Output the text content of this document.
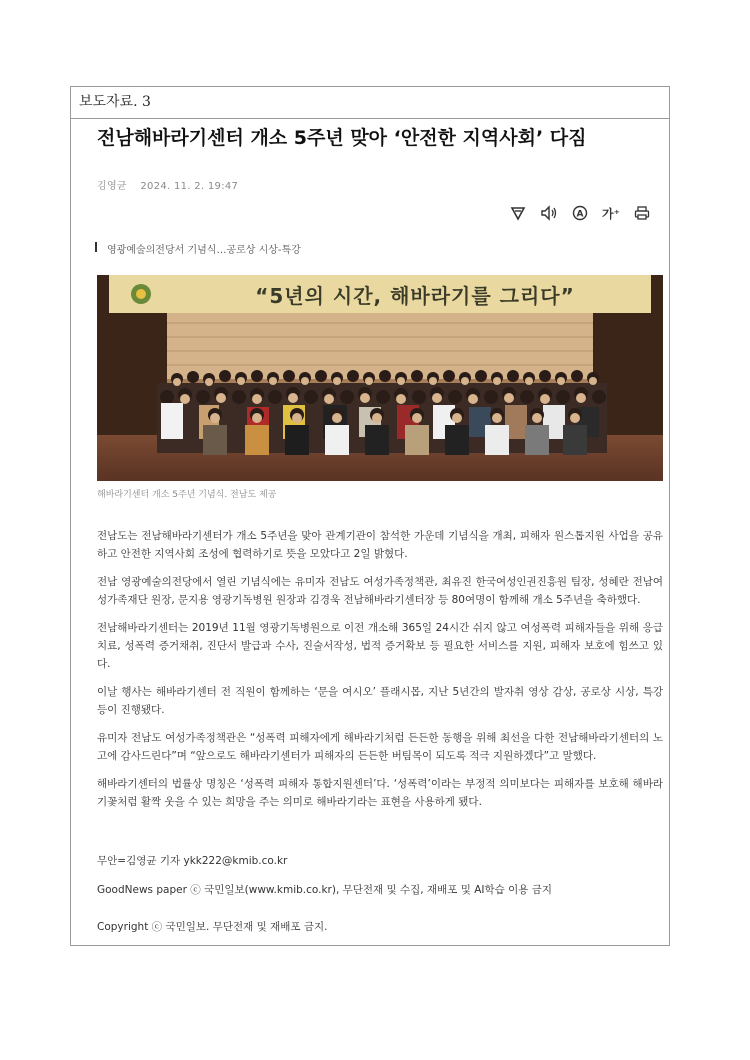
보도자료. 3
전남해바라기센터 개소 5주년 맞아 ‘안전한 지역사회’ 다짐
김영균 2024. 11. 2. 19:47
A 가⁺
영광예술의전당서 기념식…공로상 시상-특강
“5년의 시간, 해바라기를 그리다”
해바라기센터 개소 5주년 기념식. 전남도 제공

전남도는 전남해바라기센터가 개소 5주년을 맞아 관계기관이 참석한 가운데 기념식을 개최, 피해자 원스톱지원 사업을 공유하고 안전한 지역사회 조성에 협력하기로 뜻을 모았다고 2일 밝혔다.

전남 영광예술의전당에서 열린 기념식에는 유미자 전남도 여성가족정책관, 최유진 한국여성인권진흥원 팀장, 성혜란 전남여성가족재단 원장, 문지용 영광기독병원 원장과 김경욱 전남해바라기센터장 등 80여명이 함께해 개소 5주년을 축하했다.

전남해바라기센터는 2019년 11월 영광기독병원으로 이전 개소해 365일 24시간 쉬지 않고 여성폭력 피해자들을 위해 응급치료, 성폭력 증거채취, 진단서 발급과 수사, 진술서작성, 법적 증거확보 등 필요한 서비스를 지원, 피해자 보호에 힘쓰고 있다.

이날 행사는 해바라기센터 전 직원이 함께하는 ‘문을 여시오’ 플래시몹, 지난 5년간의 발자취 영상 감상, 공로상 시상, 특강 등이 진행됐다.

유미자 전남도 여성가족정책관은 “성폭력 피해자에게 해바라기처럼 든든한 동행을 위해 최선을 다한 전남해바라기센터의 노고에 감사드린다”며 “앞으로도 해바라기센터가 피해자의 든든한 버팀목이 되도록 적극 지원하겠다”고 말했다.

해바라기센터의 법률상 명칭은 ‘성폭력 피해자 통합지원센터’다. ‘성폭력’이라는 부정적 의미보다는 피해자를 보호해 해바라기꽃처럼 활짝 웃을 수 있는 희망을 주는 의미로 해바라기라는 표현을 사용하게 됐다.

무안=김영균 기자 ykk222@kmib.co.kr
GoodNews paper ⓒ 국민일보(www.kmib.co.kr), 무단전재 및 수집, 재배포 및 AI학습 이용 금지
Copyright ⓒ 국민일보. 무단전재 및 재배포 금지.
